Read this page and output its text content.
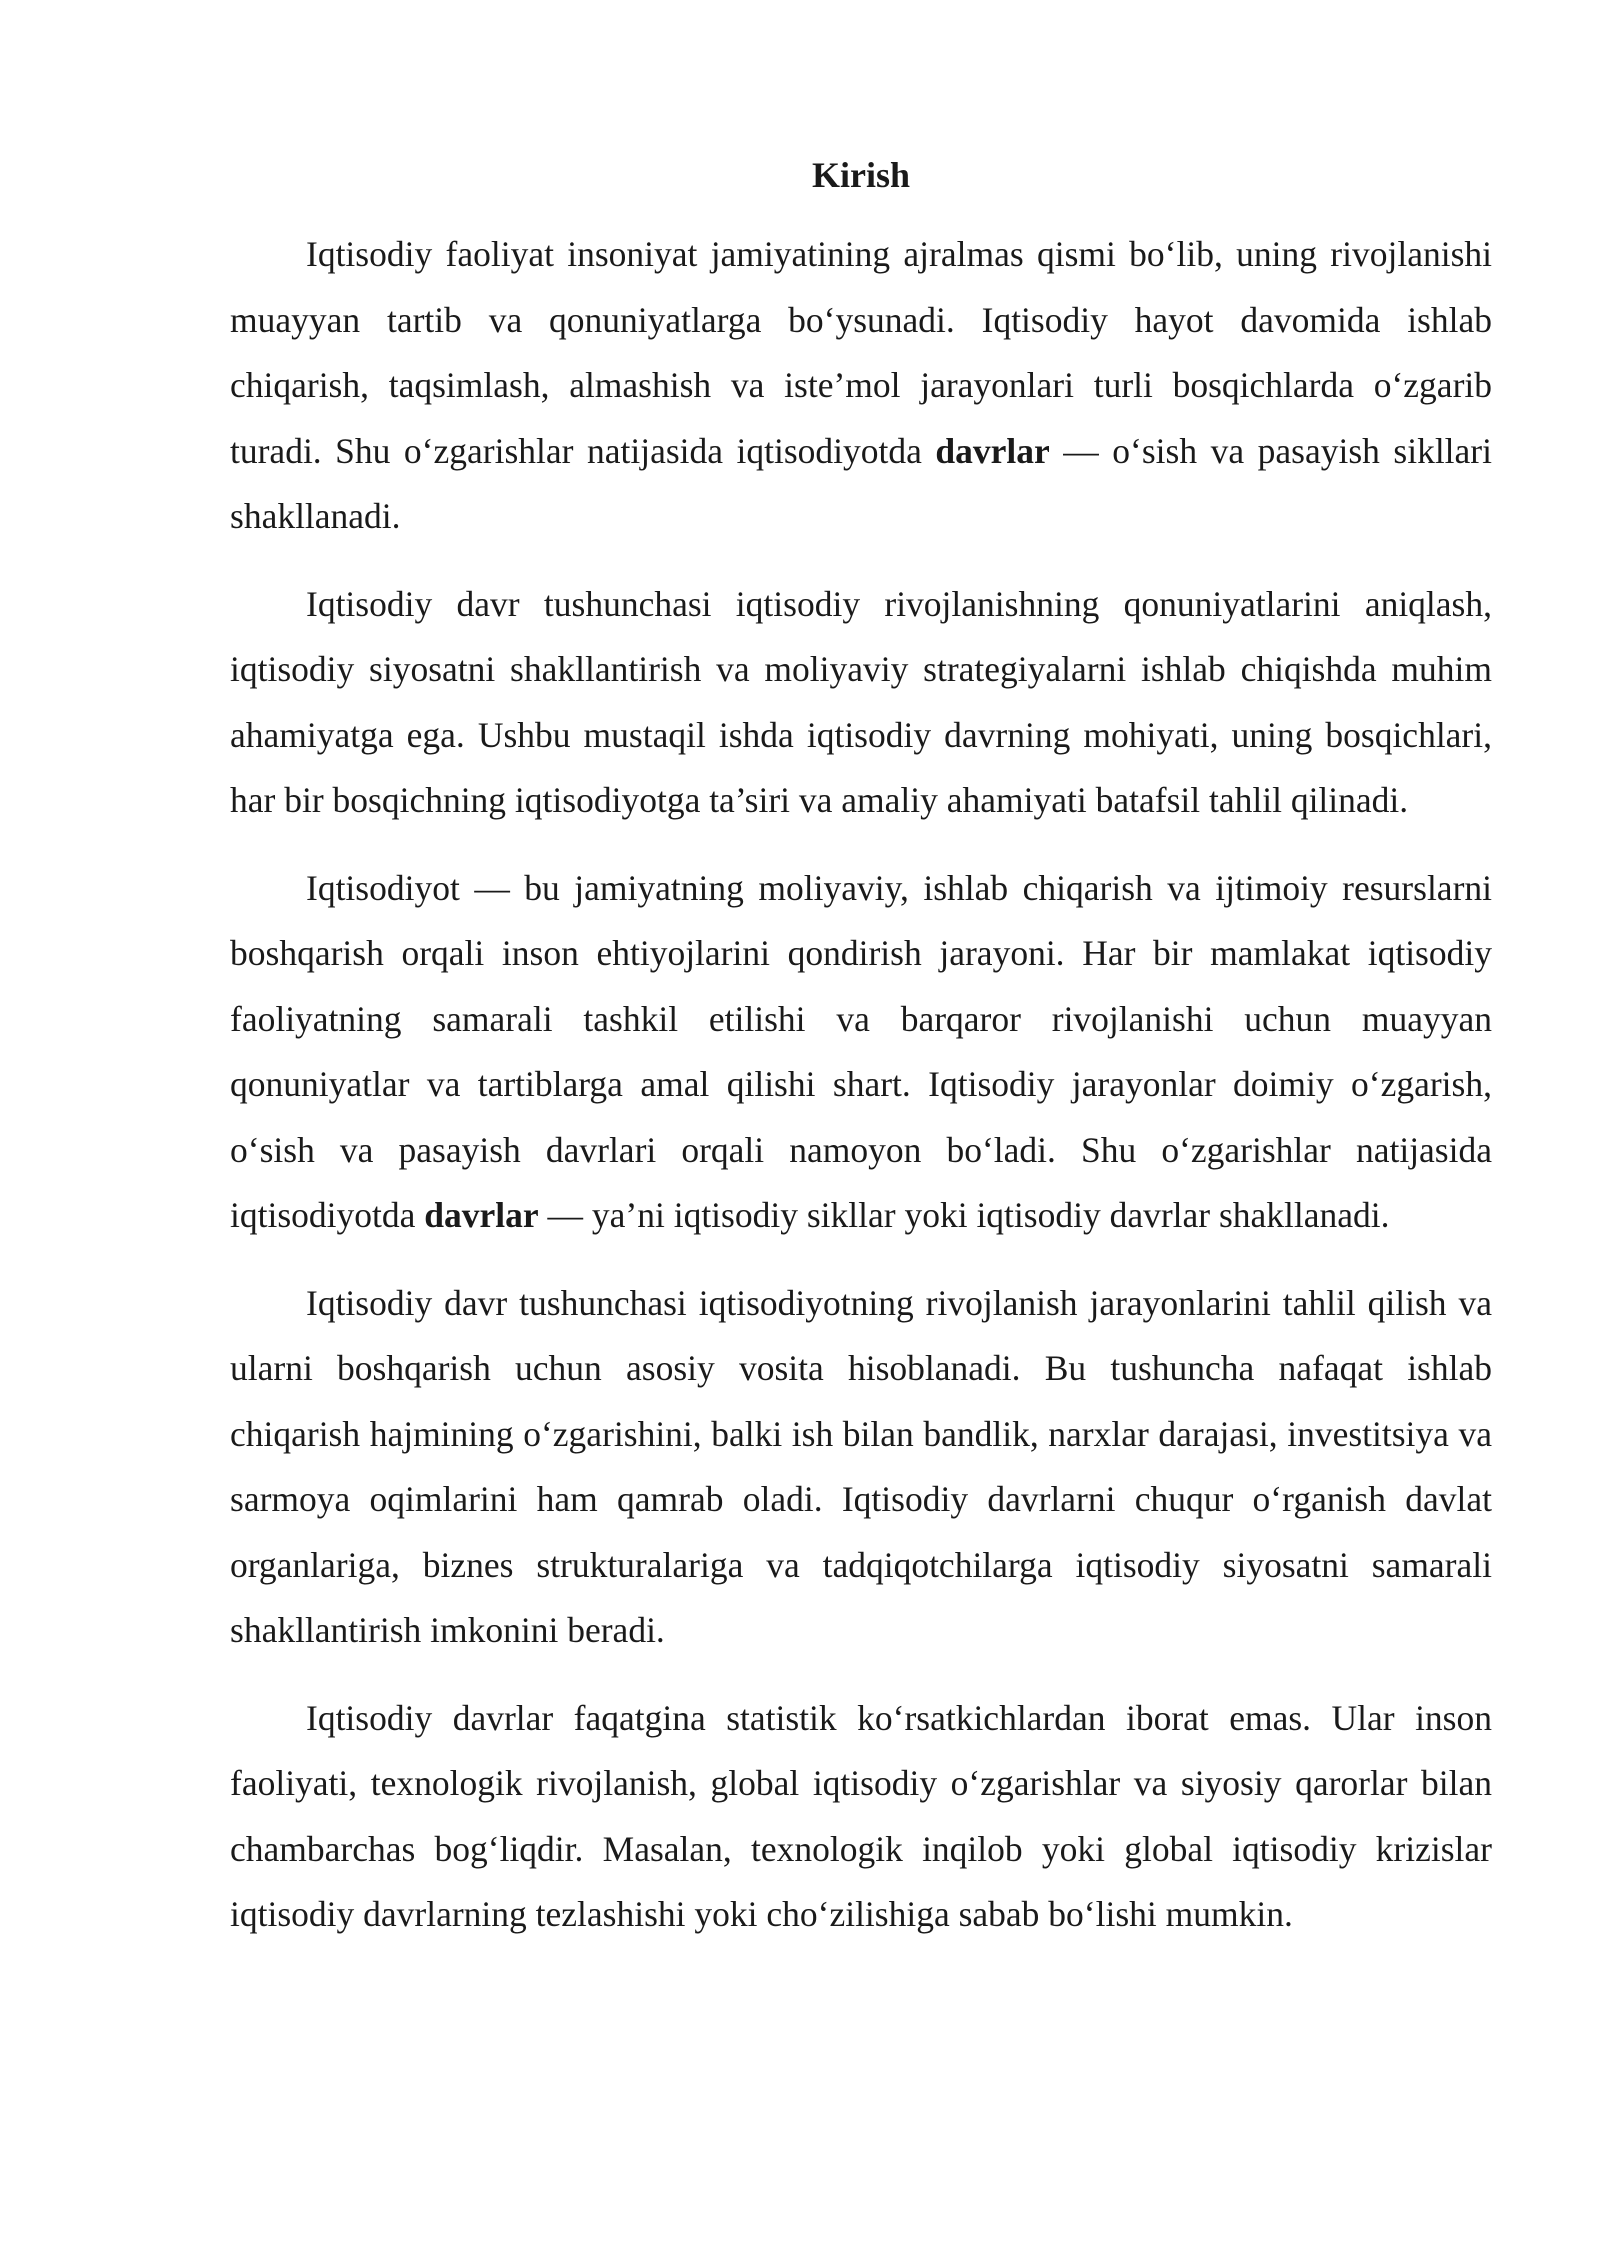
Kirish

Iqtisodiy faoliyat insoniyat jamiyatining ajralmas qismi bo‘lib, uning rivojlanishi muayyan tartib va qonuniyatlarga bo‘ysunadi. Iqtisodiy hayot davomida ishlab chiqarish, taqsimlash, almashish va iste’mol jarayonlari turli bosqichlarda o‘zgarib turadi. Shu o‘zgarishlar natijasida iqtisodiyotda davrlar — o‘sish va pasayish sikllari shakllanadi.

Iqtisodiy davr tushunchasi iqtisodiy rivojlanishning qonuniyatlarini aniqlash, iqtisodiy siyosatni shakllantirish va moliyaviy strategiyalarni ishlab chiqishda muhim ahamiyatga ega. Ushbu mustaqil ishda iqtisodiy davrning mohiyati, uning bosqichlari, har bir bosqichning iqtisodiyotga ta’siri va amaliy ahamiyati batafsil tahlil qilinadi.

Iqtisodiyot — bu jamiyatning moliyaviy, ishlab chiqarish va ijtimoiy resurslarni boshqarish orqali inson ehtiyojlarini qondirish jarayoni. Har bir mamlakat iqtisodiy faoliyatning samarali tashkil etilishi va barqaror rivojlanishi uchun muayyan qonuniyatlar va tartiblarga amal qilishi shart. Iqtisodiy jarayonlar doimiy o‘zgarish, o‘sish va pasayish davrlari orqali namoyon bo‘ladi. Shu o‘zgarishlar natijasida iqtisodiyotda davrlar — ya’ni iqtisodiy sikllar yoki iqtisodiy davrlar shakllanadi.

Iqtisodiy davr tushunchasi iqtisodiyotning rivojlanish jarayonlarini tahlil qilish va ularni boshqarish uchun asosiy vosita hisoblanadi. Bu tushuncha nafaqat ishlab chiqarish hajmining o‘zgarishini, balki ish bilan bandlik, narxlar darajasi, investitsiya va sarmoya oqimlarini ham qamrab oladi. Iqtisodiy davrlarni chuqur o‘rganish davlat organlariga, biznes strukturalariga va tadqiqotchilarga iqtisodiy siyosatni samarali shakllantirish imkonini beradi.

Iqtisodiy davrlar faqatgina statistik ko‘rsatkichlardan iborat emas. Ular inson faoliyati, texnologik rivojlanish, global iqtisodiy o‘zgarishlar va siyosiy qarorlar bilan chambarchas bog‘liqdir. Masalan, texnologik inqilob yoki global iqtisodiy krizislar iqtisodiy davrlarning tezlashishi yoki cho‘zilishiga sabab bo‘lishi mumkin.
